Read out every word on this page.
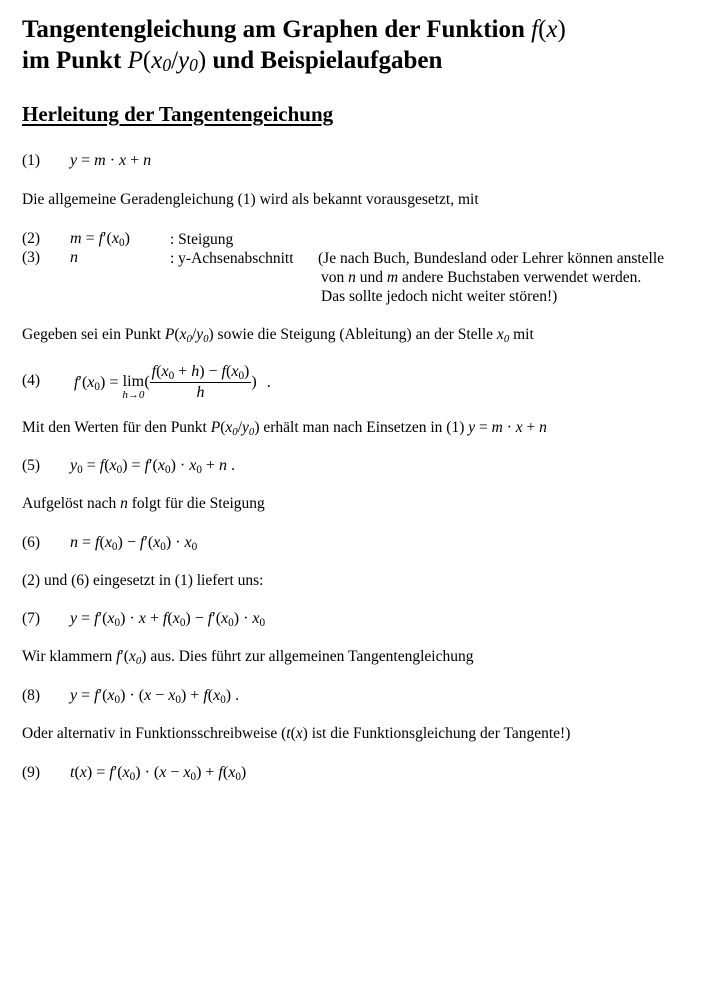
Tangentengleichung am Graphen der Funktion f(x)
im Punkt $P(x_0/y_0)$ und Beispielaufgaben
Herleitung der Tangentengeichung
(1) y = m · x + n
Die allgemeine Geradengleichung (1) wird als bekannt vorausgesetzt, mit
(2) $m = f'(x_0)$	: Steigung
(3) n	: y-Achsenabschnitt (Je nach Buch, Bundesland oder Lehrer können anstelle
von n und m andere Buchstaben verwendet werden.
Das sollte jedoch nicht weiter stören!)
Gegeben sei ein Punkt $P(x_0/y_0)$ sowie die Steigung (Ableitung) an der Stelle $x_0$ mit
(4) $f'(x_0) = \lim$
h→0
( $\frac{f(x_0 + h) - f(x_0)}{h}$ ) .
Mit den Werten für den Punkt $P(x_0/y_0)$ erhält man nach Einsetzen in (1) y = m · x + n
(5) $y_0 = f(x_0) = f'(x_0) \cdot x_0 + n$ .
Aufgelöst nach n folgt für die Steigung
(6) $n = f(x_0) - f'(x_0) \cdot x_0$
(2) und (6) eingesetzt in (1) liefert uns:
(7) $y = f'(x_0) \cdot x + f(x_0) - f'(x_0) \cdot x_0$
Wir klammern $f'(x_0)$ aus. Dies führt zur allgemeinen Tangentengleichung
(8) $y = f'(x_0) \cdot (x - x_0) + f(x_0)$ .
Oder alternativ in Funktionsschreibweise (t(x) ist die Funktionsgleichung der Tangente!)
(9) $t(x) = f'(x_0) \cdot (x - x_0) + f(x_0)$
